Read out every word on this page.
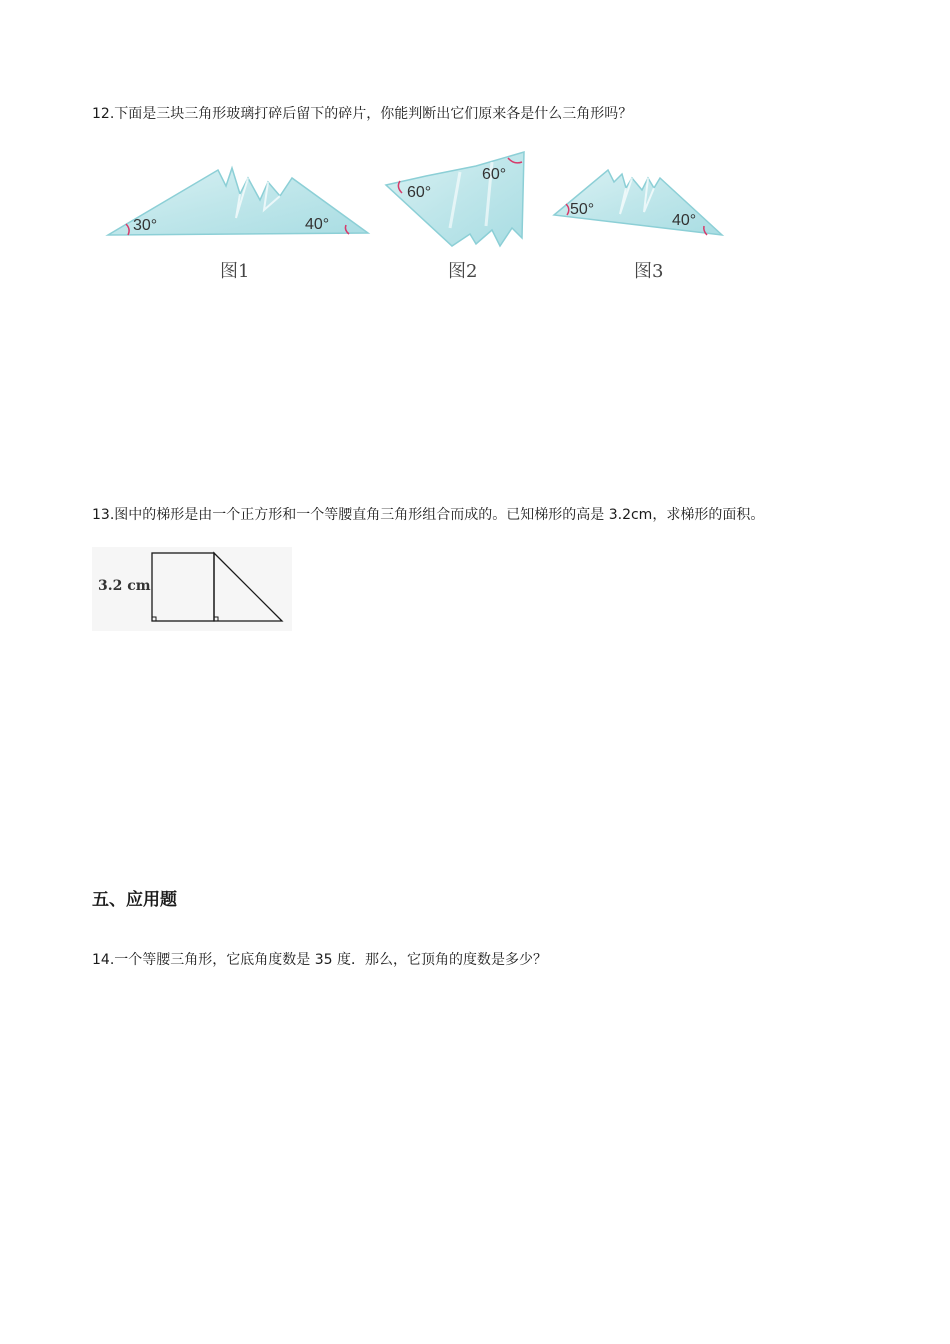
12.下面是三块三角形玻璃打碎后留下的碎片，你能判断出它们原来各是什么三角形吗？
30°	40°
图1
60°
60°
图2
50°
40°
图3
13.图中的梯形是由一个正方形和一个等腰直角三角形组合而成的。已知梯形的高是 3.2cm，求梯形的面积。
3.2 cm
五、应用题
14.一个等腰三角形，它底角度数是 35 度．那么，它顶角的度数是多少？
